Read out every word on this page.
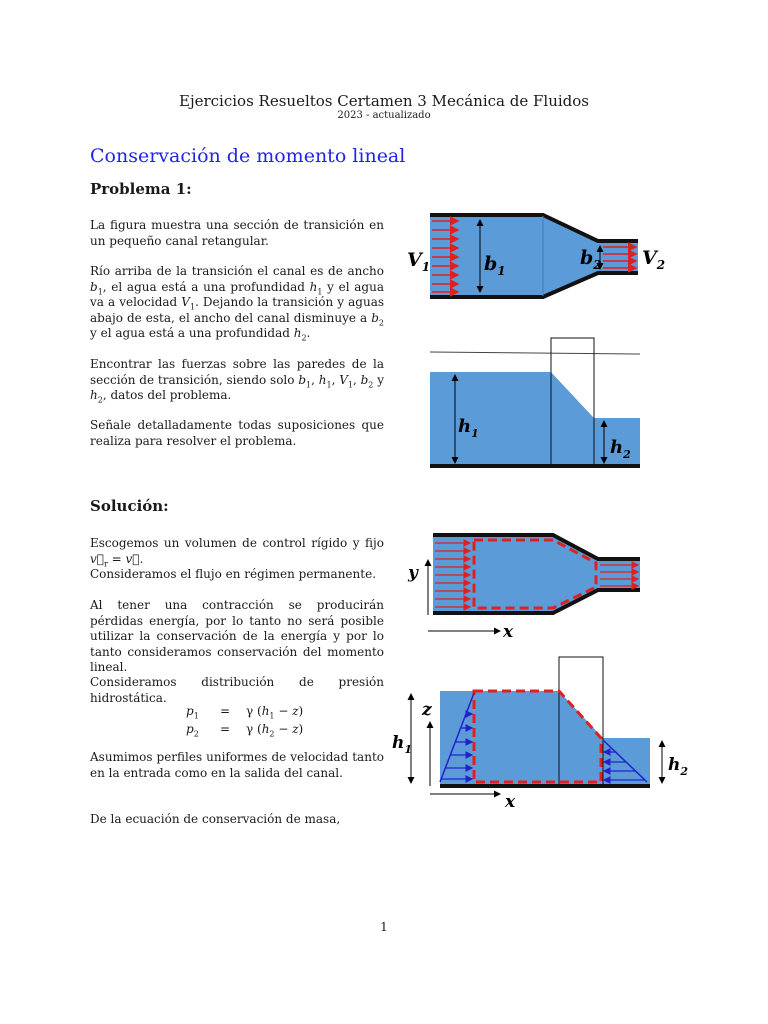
Ejercicios Resueltos Certamen 3 Mecánica de Fluidos
2023 - actualizado
Conservación de momento lineal
Problema 1:

La figura muestra una sección de transición en un pequeño canal retangular.

Río arriba de la transición el canal es de ancho $b_1$, el agua está a una profundidad $h_1$ y el agua va a velocidad $V_1$. Dejando la transición y aguas abajo de esta, el ancho del canal disminuye a $b_2$ y el agua está a una profundidad $h_2$.

Encontrar las fuerzas sobre las paredes de la sección de transición, siendo solo $b_1$, $h_1$, $V_1$, $b_2$ y $h_2$, datos del problema.

Señale detalladamente todas suposiciones que realiza para resolver el problema.

Solución:

Escogemos un volumen de control rígido y fijo $v⃗_r$ = v⃗.

Consideramos el flujo en régimen permanente.

Al tener una contracción se producirán pérdidas energía, por lo tanto no será posible utilizar la conservación de la energía y por lo tanto consideramos conservación del momento lineal.

Consideramos distribución de presión hidrostática.

$p_1 = \gamma$ $(h_1 - z)$
$p_2 = \gamma$ $(h_2 - z)$

Asumimos perfiles uniformes de velocidad tanto en la entrada como en la salida del canal.

De la ecuación de conservación de masa,

1
$V_1$	$b_1$
$b_2$ $V_2$
$h_1$
$h_2$
y
x
$h_1$
$h_2$
z
x
